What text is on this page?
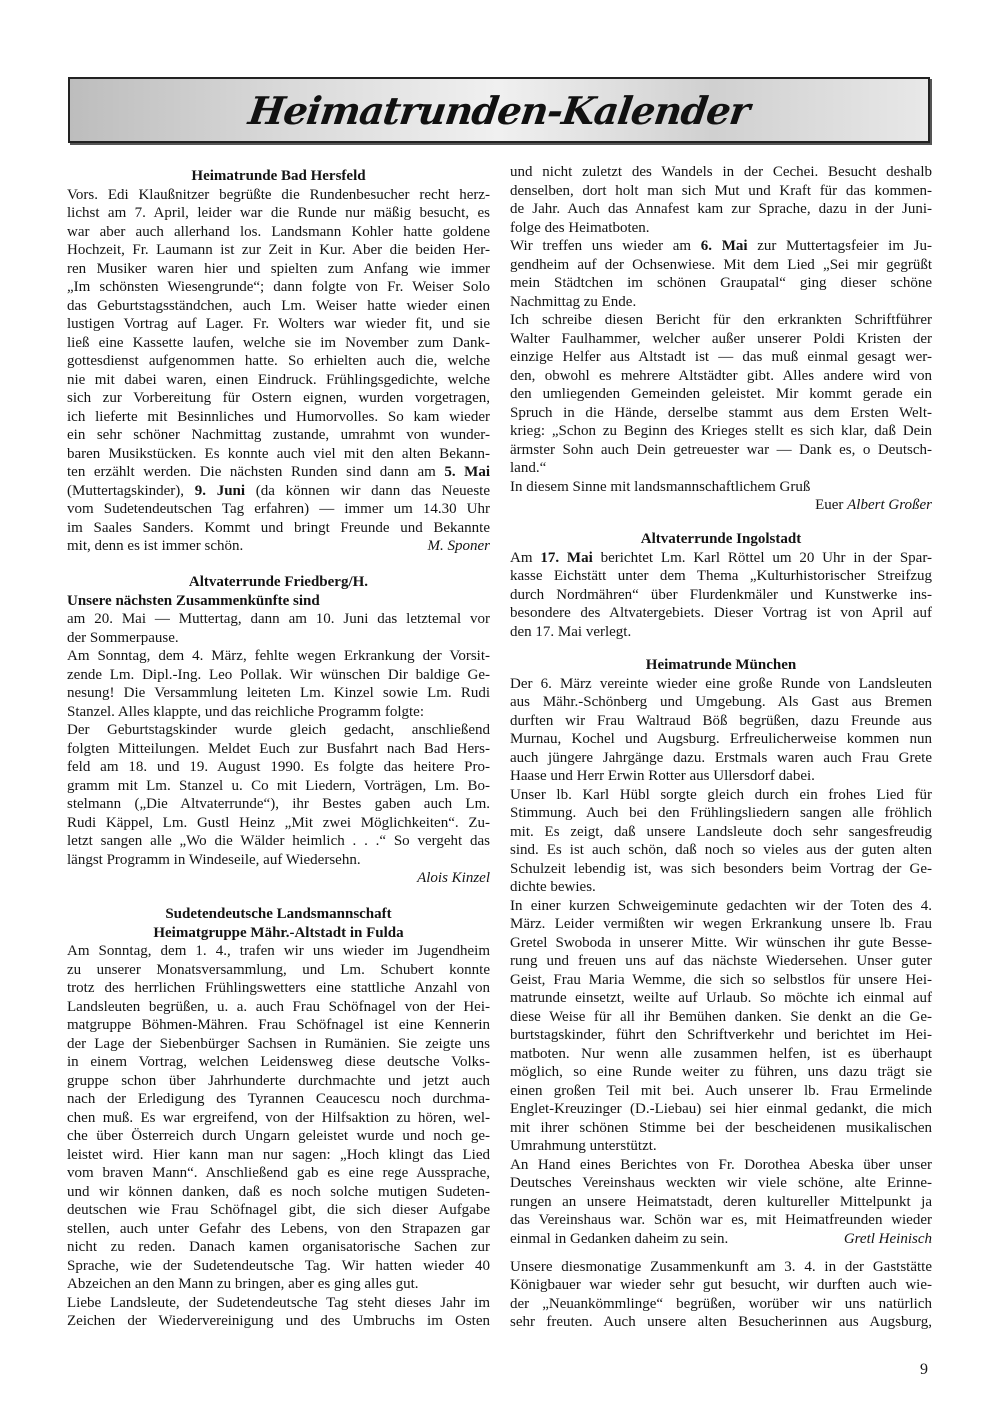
Heimatrunden-Kalender
Heimatrunde Bad Hersfeld
Vors. Edi Klaußnitzer begrüßte die Rundenbesucher recht herz-
lichst am 7. April, leider war die Runde nur mäßig besucht, es
war aber auch allerhand los. Landsmann Kohler hatte goldene
Hochzeit, Fr. Laumann ist zur Zeit in Kur. Aber die beiden Her-
ren Musiker waren hier und spielten zum Anfang wie immer
„Im schönsten Wiesengrunde“; dann folgte von Fr. Weiser Solo
das Geburtstagsständchen, auch Lm. Weiser hatte wieder einen
lustigen Vortrag auf Lager. Fr. Wolters war wieder fit, und sie
ließ eine Kassette laufen, welche sie im November zum Dank-
gottesdienst aufgenommen hatte. So erhielten auch die, welche
nie mit dabei waren, einen Eindruck. Frühlingsgedichte, welche
sich zur Vorbereitung für Ostern eignen, wurden vorgetragen,
ich lieferte mit Besinnliches und Humorvolles. So kam wieder
ein sehr schöner Nachmittag zustande, umrahmt von wunder-
baren Musikstücken. Es konnte auch viel mit den alten Bekann-
ten erzählt werden. Die nächsten Runden sind dann am 5. Mai
(Muttertagskinder), 9. Juni (da können wir dann das Neueste
vom Sudetendeutschen Tag erfahren) — immer um 14.30 Uhr
im Saales Sanders. Kommt und bringt Freunde und Bekannte
mit, denn es ist immer schön.	M. Sponer
Altvaterrunde Friedberg/H.
Unsere nächsten Zusammenkünfte sind
am 20. Mai — Muttertag, dann am 10. Juni das letztemal vor
der Sommerpause.
Am Sonntag, dem 4. März, fehlte wegen Erkrankung der Vorsit-
zende Lm. Dipl.-Ing. Leo Pollak. Wir wünschen Dir baldige Ge-
nesung! Die Versammlung leiteten Lm. Kinzel sowie Lm. Rudi
Stanzel. Alles klappte, und das reichliche Programm folgte:
Der Geburtstagskinder wurde gleich gedacht, anschließend
folgten Mitteilungen. Meldet Euch zur Busfahrt nach Bad Hers-
feld am 18. und 19. August 1990. Es folgte das heitere Pro-
gramm mit Lm. Stanzel u. Co mit Liedern, Vorträgen, Lm. Bo-
stelmann („Die Altvaterrunde“), ihr Bestes gaben auch Lm.
Rudi Käppel, Lm. Gustl Heinz „Mit zwei Möglichkeiten“. Zu-
letzt sangen alle „Wo die Wälder heimlich . . .“ So vergeht das
längst Programm in Windeseile, auf Wiedersehn.
Alois Kinzel
Sudetendeutsche Landsmannschaft
Heimatgruppe Mähr.-Altstadt in Fulda
Am Sonntag, dem 1. 4., trafen wir uns wieder im Jugendheim
zu unserer Monatsversammlung, und Lm. Schubert konnte
trotz des herrlichen Frühlingswetters eine stattliche Anzahl von
Landsleuten begrüßen, u. a. auch Frau Schöfnagel von der Hei-
matgruppe Böhmen-Mähren. Frau Schöfnagel ist eine Kennerin
der Lage der Siebenbürger Sachsen in Rumänien. Sie zeigte uns
in einem Vortrag, welchen Leidensweg diese deutsche Volks-
gruppe schon über Jahrhunderte durchmachte und jetzt auch
nach der Erledigung des Tyrannen Ceaucescu noch durchma-
chen muß. Es war ergreifend, von der Hilfsaktion zu hören, wel-
che über Österreich durch Ungarn geleistet wurde und noch ge-
leistet wird. Hier kann man nur sagen: „Hoch klingt das Lied
vom braven Mann“. Anschließend gab es eine rege Aussprache,
und wir können danken, daß es noch solche mutigen Sudeten-
deutschen wie Frau Schöfnagel gibt, die sich dieser Aufgabe
stellen, auch unter Gefahr des Lebens, von den Strapazen gar
nicht zu reden. Danach kamen organisatorische Sachen zur
Sprache, wie der Sudetendeutsche Tag. Wir hatten wieder 40
Abzeichen an den Mann zu bringen, aber es ging alles gut.
Liebe Landsleute, der Sudetendeutsche Tag steht dieses Jahr im
Zeichen der Wiedervereinigung und des Umbruchs im Osten
und nicht zuletzt des Wandels in der Cechei. Besucht deshalb
denselben, dort holt man sich Mut und Kraft für das kommen-
de Jahr. Auch das Annafest kam zur Sprache, dazu in der Juni-
folge des Heimatboten.
Wir treffen uns wieder am 6. Mai zur Muttertagsfeier im Ju-
gendheim auf der Ochsenwiese. Mit dem Lied „Sei mir gegrüßt
mein Städtchen im schönen Graupatal“ ging dieser schöne
Nachmittag zu Ende.
Ich schreibe diesen Bericht für den erkrankten Schriftführer
Walter Faulhammer, welcher außer unserer Poldi Kristen der
einzige Helfer aus Altstadt ist — das muß einmal gesagt wer-
den, obwohl es mehrere Altstädter gibt. Alles andere wird von
den umliegenden Gemeinden geleistet. Mir kommt gerade ein
Spruch in die Hände, derselbe stammt aus dem Ersten Welt-
krieg: „Schon zu Beginn des Krieges stellt es sich klar, daß Dein
ärmster Sohn auch Dein getreuester war — Dank es, o Deutsch-
land.“
In diesem Sinne mit landsmannschaftlichem Gruß
Euer Albert Großer
Altvaterrunde Ingolstadt
Am 17. Mai berichtet Lm. Karl Röttel um 20 Uhr in der Spar-
kasse Eichstätt unter dem Thema „Kulturhistorischer Streifzug
durch Nordmähren“ über Flurdenkmäler und Kunstwerke ins-
besondere des Altvatergebiets. Dieser Vortrag ist von April auf
den 17. Mai verlegt.
Heimatrunde München
Der 6. März vereinte wieder eine große Runde von Landsleuten
aus Mähr.-Schönberg und Umgebung. Als Gast aus Bremen
durften wir Frau Waltraud Böß begrüßen, dazu Freunde aus
Murnau, Kochel und Augsburg. Erfreulicherweise kommen nun
auch jüngere Jahrgänge dazu. Erstmals waren auch Frau Grete
Haase und Herr Erwin Rotter aus Ullersdorf dabei.
Unser lb. Karl Hübl sorgte gleich durch ein frohes Lied für
Stimmung. Auch bei den Frühlingsliedern sangen alle fröhlich
mit. Es zeigt, daß unsere Landsleute doch sehr sangesfreudig
sind. Es ist auch schön, daß noch so vieles aus der guten alten
Schulzeit lebendig ist, was sich besonders beim Vortrag der Ge-
dichte bewies.
In einer kurzen Schweigeminute gedachten wir der Toten des 4.
März. Leider vermißten wir wegen Erkrankung unsere lb. Frau
Gretel Swoboda in unserer Mitte. Wir wünschen ihr gute Besse-
rung und freuen uns auf das nächste Wiedersehen. Unser guter
Geist, Frau Maria Wemme, die sich so selbstlos für unsere Hei-
matrunde einsetzt, weilte auf Urlaub. So möchte ich einmal auf
diese Weise für all ihr Bemühen danken. Sie denkt an die Ge-
burtstagskinder, führt den Schriftverkehr und berichtet im Hei-
matboten. Nur wenn alle zusammen helfen, ist es überhaupt
möglich, so eine Runde weiter zu führen, uns dazu trägt sie
einen großen Teil mit bei. Auch unserer lb. Frau Ermelinde
Englet-Kreuzinger (D.-Liebau) sei hier einmal gedankt, die mich
mit ihrer schönen Stimme bei der bescheidenen musikalischen
Umrahmung unterstützt.
An Hand eines Berichtes von Fr. Dorothea Abeska über unser
Deutsches Vereinshaus weckten wir viele schöne, alte Erinne-
rungen an unsere Heimatstadt, deren kultureller Mittelpunkt ja
das Vereinshaus war. Schön war es, mit Heimatfreunden wieder
einmal in Gedanken daheim zu sein.	Gretl Heinisch
Unsere diesmonatige Zusammenkunft am 3. 4. in der Gaststätte
Königbauer war wieder sehr gut besucht, wir durften auch wie-
der „Neuankömmlinge“ begrüßen, worüber wir uns natürlich
sehr freuten. Auch unsere alten Besucherinnen aus Augsburg,
9
